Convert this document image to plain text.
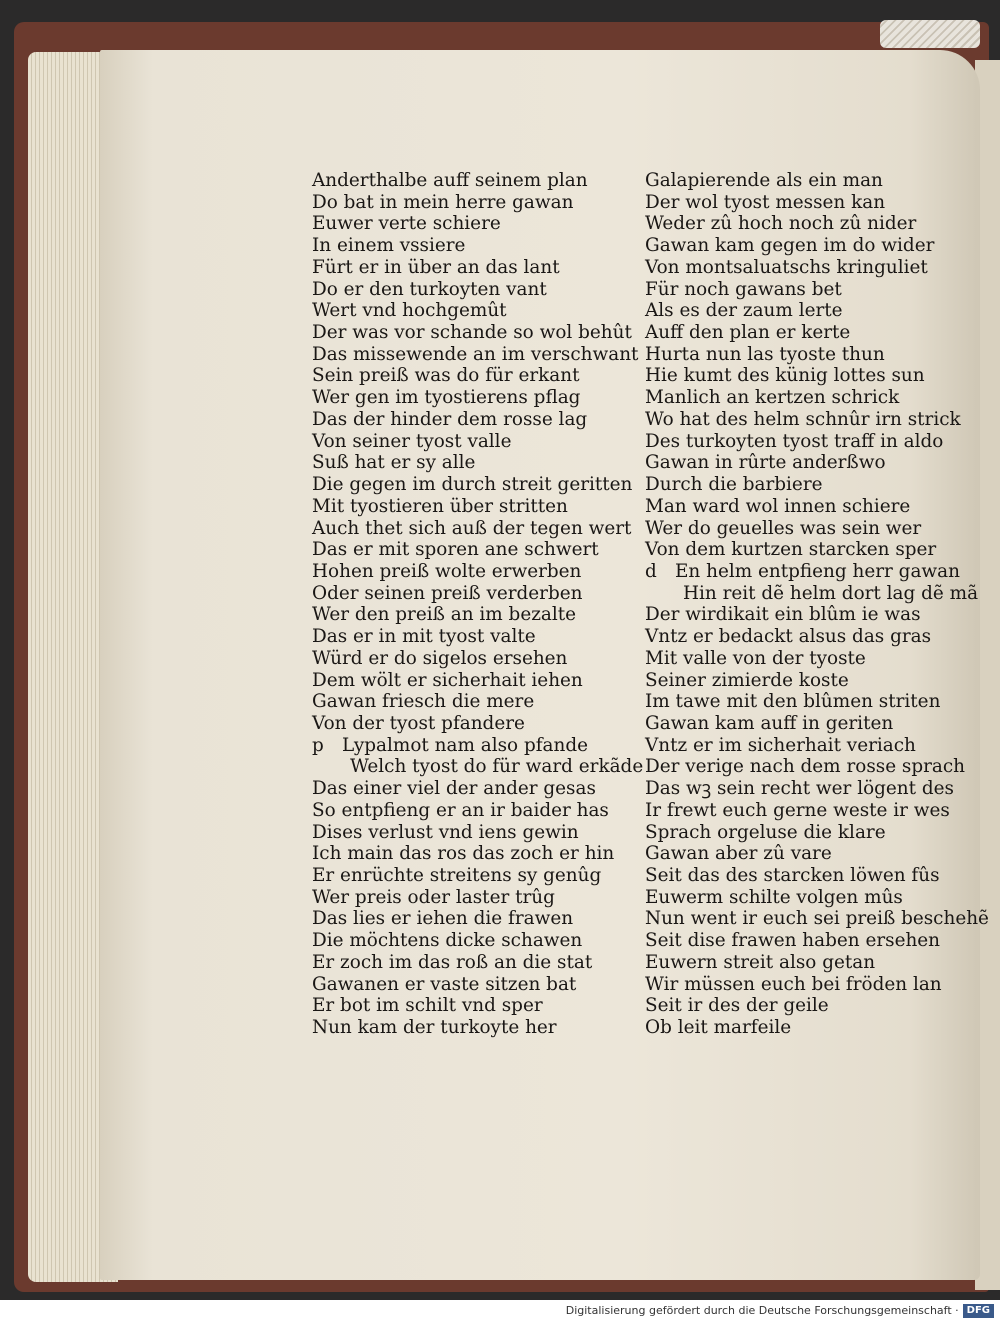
Anderthalbe auff seinem plan
Do bat in mein herre gawan
Euwer verte schiere
In einem vssiere
Fürt er in über an das lant
Do er den turkoyten vant
Wert vnd hochgemût
Der was vor schande so wol behût
Das missewende an im verschwant
Sein preiß was do für erkant
Wer gen im tyostierens pflag
Das der hinder dem rosse lag
Von seiner tyost valle
Suß hat er sy alle
Die gegen im durch streit geritten
Mit tyostieren über stritten
Auch thet sich auß der tegen wert
Das er mit sporen ane schwert
Hohen preiß wolte erwerben
Oder seinen preiß verderben
Wer den preiß an im bezalte
Das er in mit tyost valte
Würd er do sigelos ersehen
Dem wölt er sicherhait iehen
Gawan friesch die mere
Von der tyost pfandere
p Lypalmot nam also pfande
Welch tyost do für ward erkãde
Das einer viel der ander gesas
So entpfieng er an ir baider has
Dises verlust vnd iens gewin
Ich main das ros das zoch er hin
Er enrüchte streitens sy genûg
Wer preis oder laster trûg
Das lies er iehen die frawen
Die möchtens dicke schawen
Er zoch im das roß an die stat
Gawanen er vaste sitzen bat
Er bot im schilt vnd sper
Nun kam der turkoyte her
Galapierende als ein man
Der wol tyost messen kan
Weder zû hoch noch zû nider
Gawan kam gegen im do wider
Von montsaluatschs kringuliet
Für noch gawans bet
Als es der zaum lerte
Auff den plan er kerte
Hurta nun las tyoste thun
Hie kumt des künig lottes sun
Manlich an kertzen schrick
Wo hat des helm schnûr irn strick
Des turkoyten tyost traff in aldo
Gawan in rûrte anderßwo
Durch die barbiere
Man ward wol innen schiere
Wer do geuelles was sein wer
Von dem kurtzen starcken sper
d En helm entpfieng herr gawan
Hin reit dẽ helm dort lag dẽ mã
Der wirdikait ein blûm ie was
Vntz er bedackt alsus das gras
Mit valle von der tyoste
Seiner zimierde koste
Im tawe mit den blûmen striten
Gawan kam auff in geriten
Vntz er im sicherhait veriach
Der verige nach dem rosse sprach
Das wꝫ sein recht wer lögent des
Ir frewt euch gerne weste ir wes
Sprach orgeluse die klare
Gawan aber zû vare
Seit das des starcken löwen fûs
Euwerm schilte volgen mûs
Nun went ir euch sei preiß beschehẽ
Seit dise frawen haben ersehen
Euwern streit also getan
Wir müssen euch bei fröden lan
Seit ir des der geile
Ob leit marfeile
Digitalisierung gefördert durch die Deutsche Forschungsgemeinschaft · DFG
